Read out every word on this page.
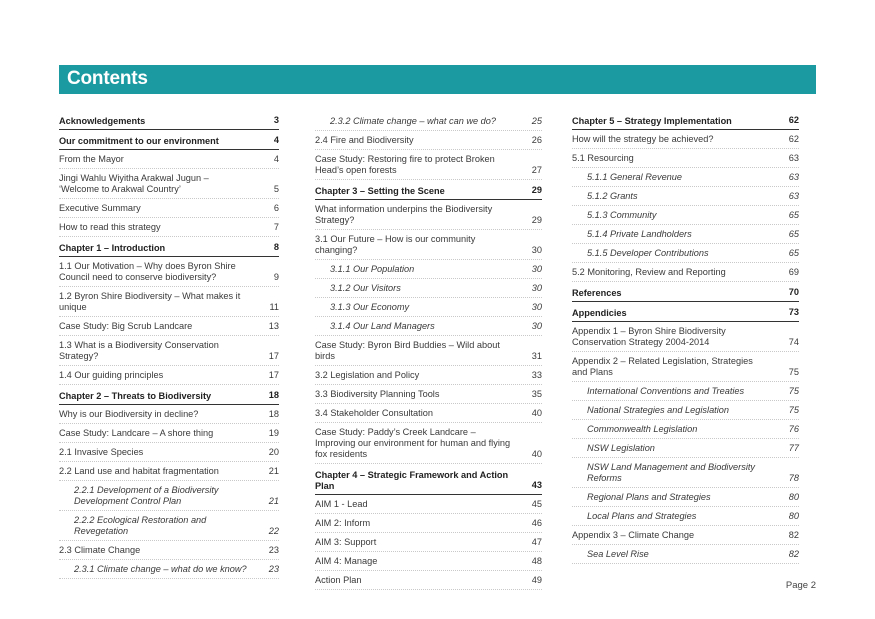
Contents
Acknowledgements	3
Our commitment to our environment	4
From the Mayor	4
Jingi Wahlu Wiyitha Arakwal Jugun – ‘Welcome to Arakwal Country’	5
Executive Summary	6
How to read this strategy	7
Chapter 1 – Introduction	8
1.1 Our Motivation – Why does Byron Shire Council need to conserve biodiversity?	9
1.2 Byron Shire Biodiversity – What makes it unique	11
Case Study: Big Scrub Landcare	13
1.3 What is a Biodiversity Conservation Strategy?	17
1.4 Our guiding principles	17
Chapter 2 – Threats to Biodiversity	18
Why is our Biodiversity in decline?	18
Case Study: Landcare – A shore thing	19
2.1 Invasive Species	20
2.2 Land use and habitat fragmentation	21
2.2.1 Development of a Biodiversity Development Control Plan	21
2.2.2 Ecological Restoration and Revegetation	22
2.3 Climate Change	23
2.3.1 Climate change – what do we know?	23
2.3.2 Climate change – what can we do?	25
2.4 Fire and Biodiversity	26
Case Study: Restoring fire to protect Broken Head’s open forests	27
Chapter 3 – Setting the Scene	29
What information underpins the Biodiversity Strategy?	29
3.1 Our Future – How is our community changing?	30
3.1.1 Our Population	30
3.1.2 Our Visitors	30
3.1.3 Our Economy	30
3.1.4 Our Land Managers	30
Case Study: Byron Bird Buddies – Wild about birds	31
3.2 Legislation and Policy	33
3.3 Biodiversity Planning Tools	35
3.4 Stakeholder Consultation	40
Case Study: Paddy’s Creek Landcare – Improving our environment for human and flying fox residents	40
Chapter 4 – Strategic Framework and Action Plan	43
AIM 1 - Lead	45
AIM 2: Inform	46
AIM 3: Support	47
AIM 4: Manage	48
Action Plan	49
Chapter 5 – Strategy Implementation	62
How will the strategy be achieved?	62
5.1 Resourcing	63
5.1.1 General Revenue	63
5.1.2 Grants	63
5.1.3 Community	65
5.1.4 Private Landholders	65
5.1.5 Developer Contributions	65
5.2 Monitoring, Review and Reporting	69
References	70
Appendicies	73
Appendix 1 – Byron Shire Biodiversity Conservation Strategy 2004-2014	74
Appendix 2 – Related Legislation, Strategies and Plans	75
International Conventions and Treaties	75
National Strategies and Legislation	75
Commonwealth Legislation	76
NSW Legislation	77
NSW Land Management and Biodiversity Reforms	78
Regional Plans and Strategies	80
Local Plans and Strategies	80
Appendix 3 – Climate Change	82
Sea Level Rise	82
Page 2
